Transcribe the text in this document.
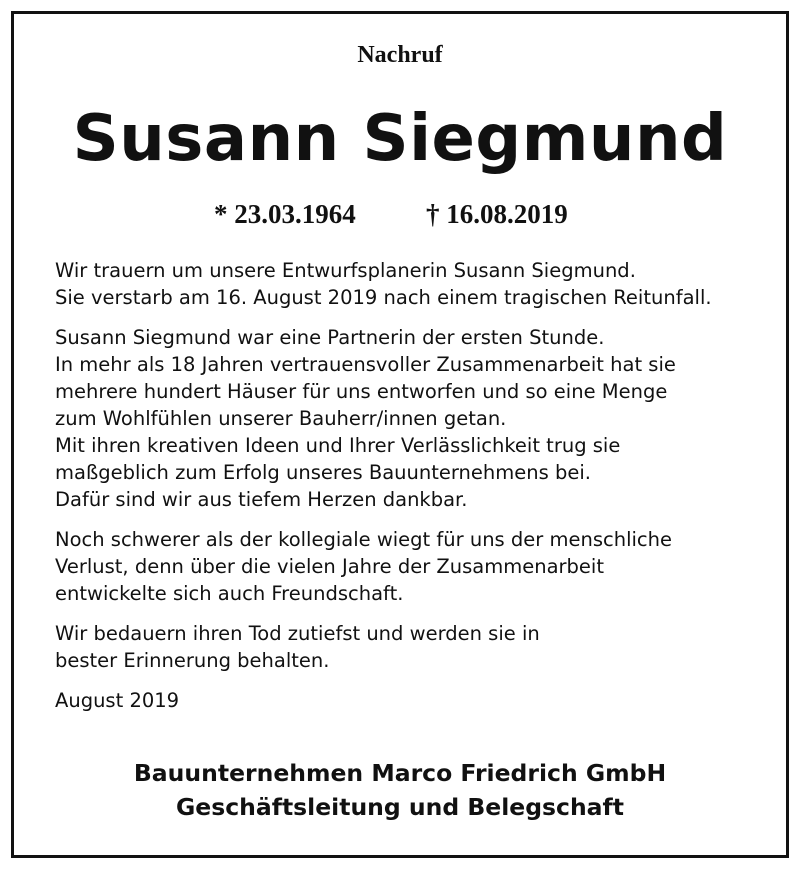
Nachruf
Susann Siegmund
* 23.03.1964	† 16.08.2019

Wir trauern um unsere Entwurfsplanerin Susann Siegmund.
Sie verstarb am 16. August 2019 nach einem tragischen Reitunfall.

Susann Siegmund war eine Partnerin der ersten Stunde.
In mehr als 18 Jahren vertrauensvoller Zusammenarbeit hat sie
mehrere hundert Häuser für uns entworfen und so eine Menge
zum Wohlfühlen unserer Bauherr/innen getan.
Mit ihren kreativen Ideen und Ihrer Verlässlichkeit trug sie
maßgeblich zum Erfolg unseres Bauunternehmens bei.
Dafür sind wir aus tiefem Herzen dankbar.

Noch schwerer als der kollegiale wiegt für uns der menschliche
Verlust, denn über die vielen Jahre der Zusammenarbeit
entwickelte sich auch Freundschaft.

Wir bedauern ihren Tod zutiefst und werden sie in
bester Erinnerung behalten.

August 2019
Bauunternehmen Marco Friedrich GmbH
Geschäftsleitung und Belegschaft
